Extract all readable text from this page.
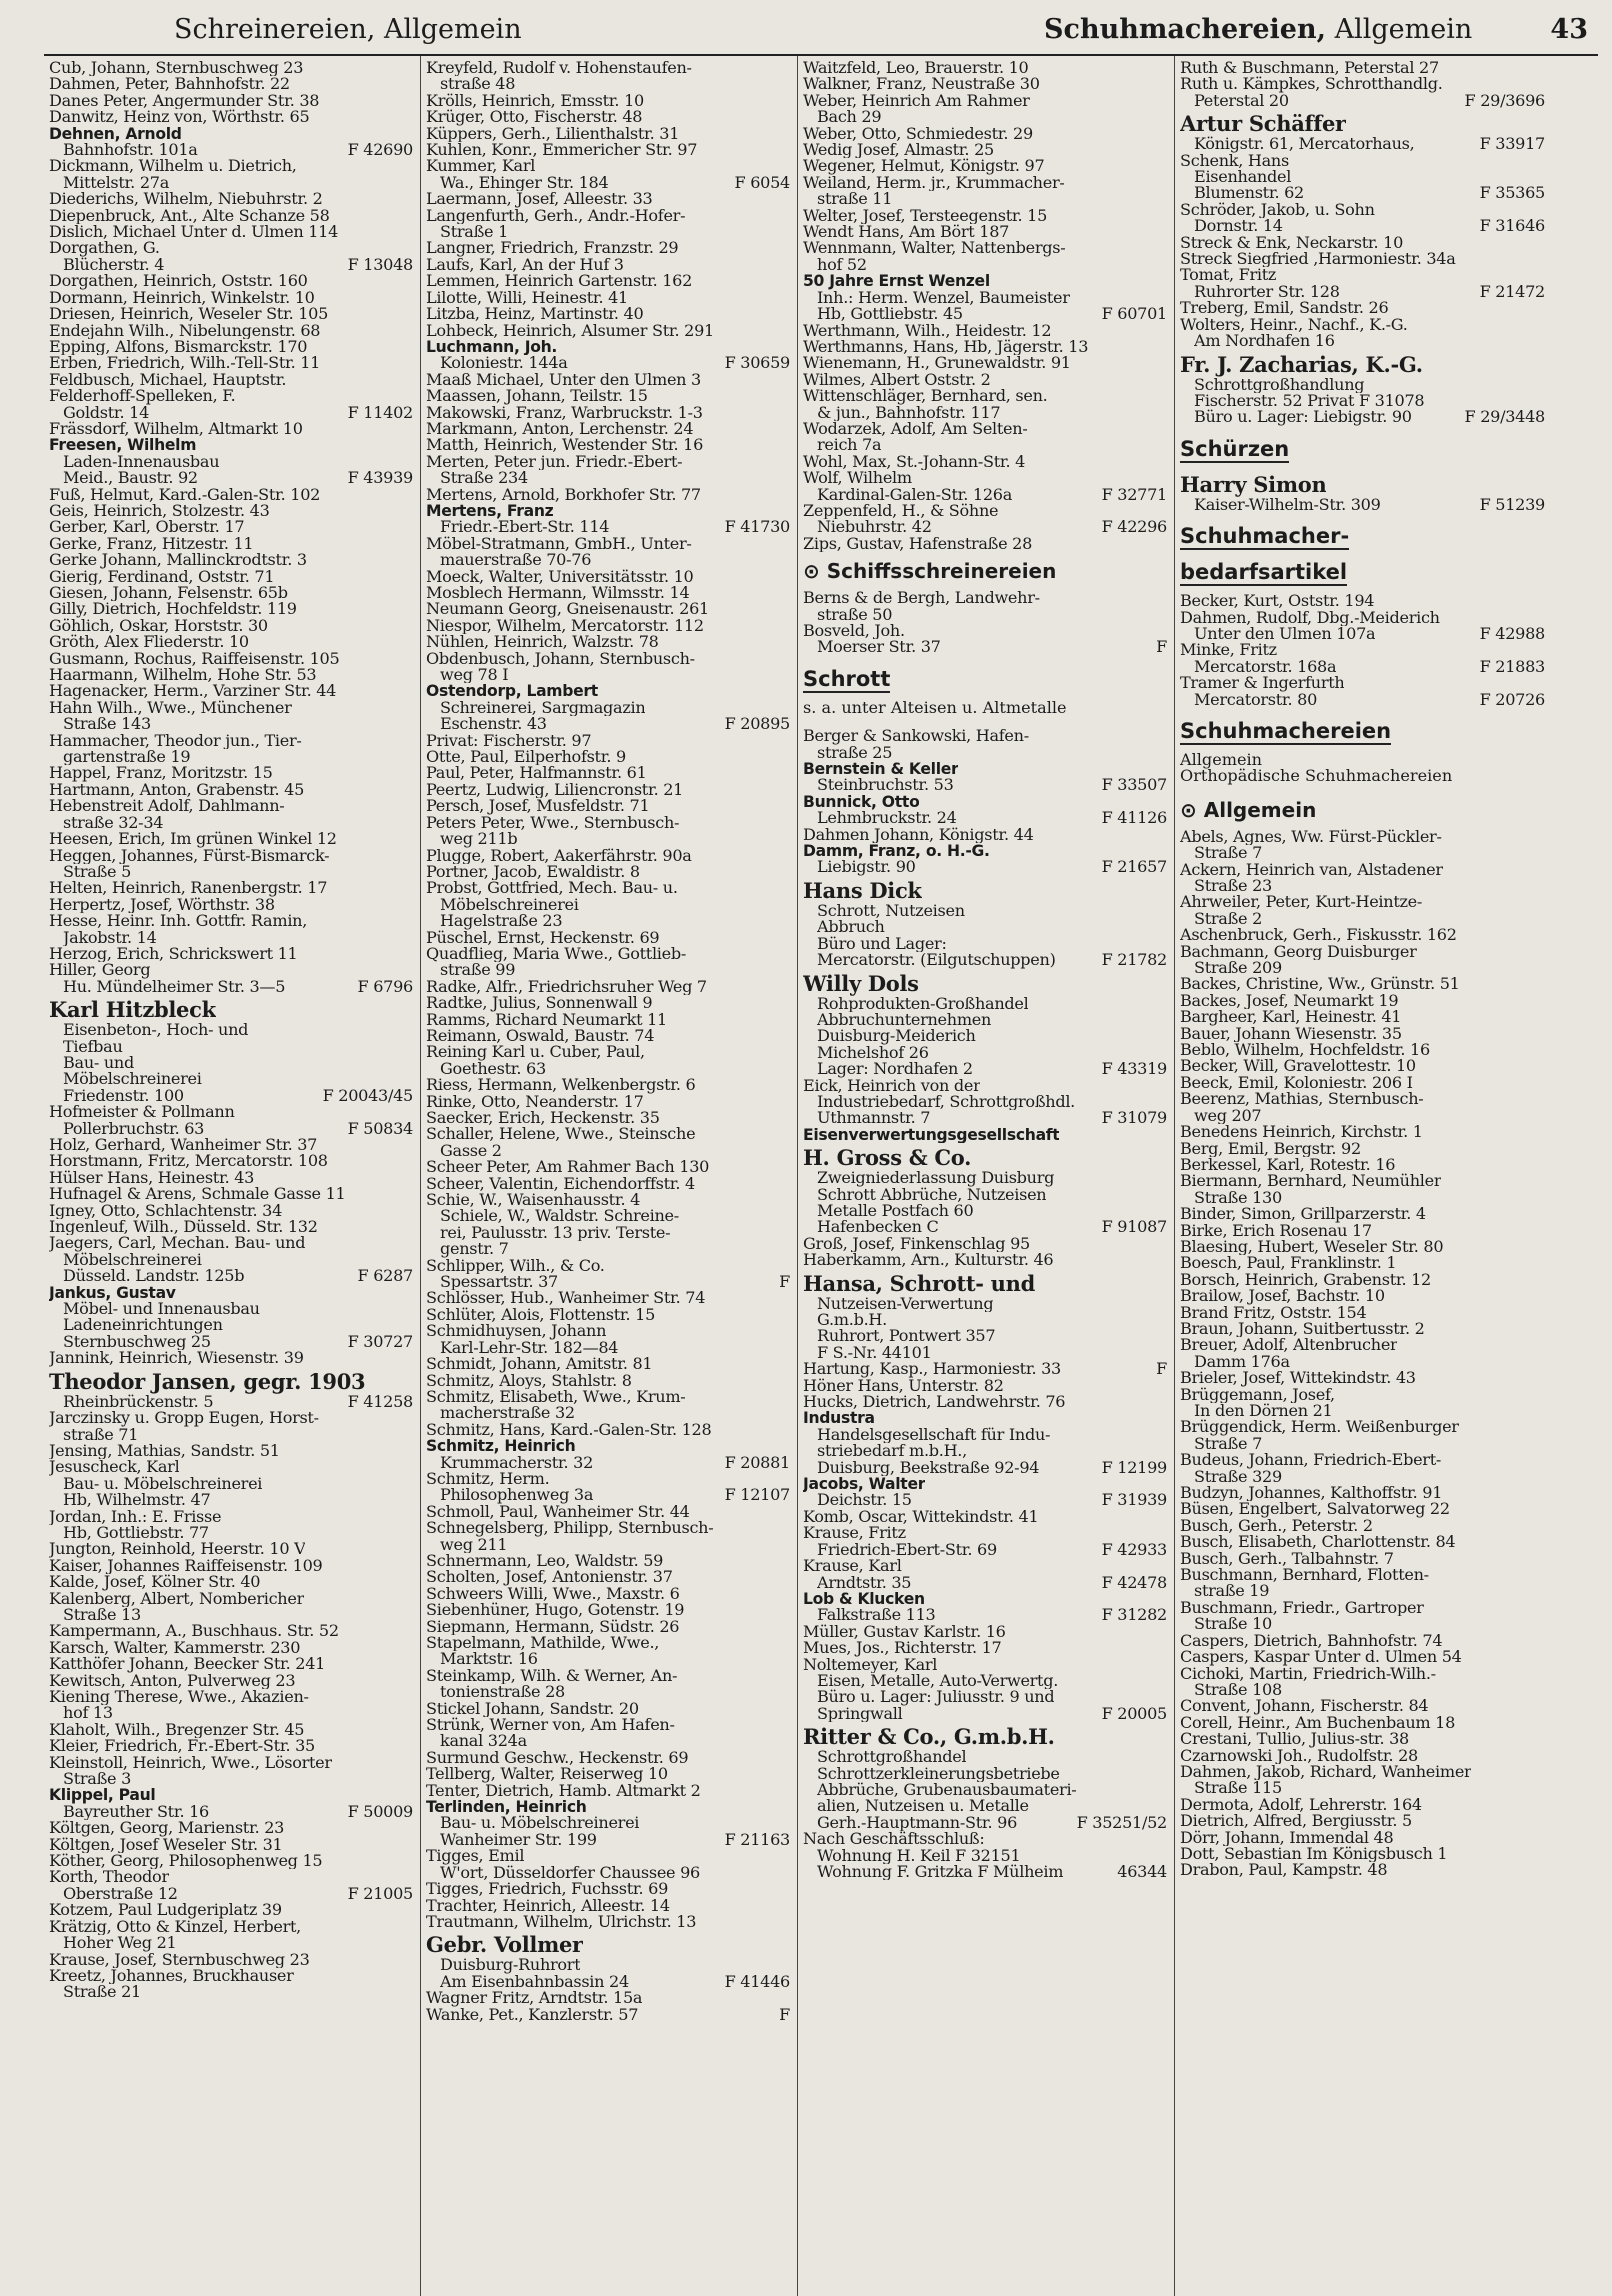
Schreinereien, Allgemein	Schuhmachereien, Allgemein	43
Cub, Johann, Sternbuschweg 23
Dahmen, Peter, Bahnhofstr. 22
Danes Peter, Angermunder Str. 38
Danwitz, Heinz von, Wörthstr. 65
Dehnen, Arnold
Bahnhofstr. 101a	F 42690
Dickmann, Wilhelm u. Dietrich,
Mittelstr. 27a
Diederichs, Wilhelm, Niebuhrstr. 2
Diepenbruck, Ant., Alte Schanze 58
Dislich, Michael Unter d. Ulmen 114
Dorgathen, G.
Blücherstr. 4	F 13048
Dorgathen, Heinrich, Oststr. 160
Dormann, Heinrich, Winkelstr. 10
Driesen, Heinrich, Weseler Str. 105
Endejahn Wilh., Nibelungenstr. 68
Epping, Alfons, Bismarckstr. 170
Erben, Friedrich, Wilh.-Tell-Str. 11
Feldbusch, Michael, Hauptstr.
Felderhoff-Spelleken, F.
Goldstr. 14	F 11402
Frässdorf, Wilhelm, Altmarkt 10
Freesen, Wilhelm
Laden-Innenausbau
Meid., Baustr. 92	F 43939
Fuß, Helmut, Kard.-Galen-Str. 102
Geis, Heinrich, Stolzestr. 43
Gerber, Karl, Oberstr. 17
Gerke, Franz, Hitzestr. 11
Gerke Johann, Mallinckrodtstr. 3
Gierig, Ferdinand, Oststr. 71
Giesen, Johann, Felsenstr. 65b
Gilly, Dietrich, Hochfeldstr. 119
Göhlich, Oskar, Horststr. 30
Gröth, Alex Fliederstr. 10
Gusmann, Rochus, Raiffeisenstr. 105
Haarmann, Wilhelm, Hohe Str. 53
Hagenacker, Herm., Varziner Str. 44
Hahn Wilh., Wwe., Münchener
Straße 143
Hammacher, Theodor jun., Tier-
gartenstraße 19
Happel, Franz, Moritzstr. 15
Hartmann, Anton, Grabenstr. 45
Hebenstreit Adolf, Dahlmann-
straße 32-34
Heesen, Erich, Im grünen Winkel 12
Heggen, Johannes, Fürst-Bismarck-
Straße 5
Helten, Heinrich, Ranenbergstr. 17
Herpertz, Josef, Wörthstr. 38
Hesse, Heinr. Inh. Gottfr. Ramin,
Jakobstr. 14
Herzog, Erich, Schrickswert 11
Hiller, Georg
Hu. Mündelheimer Str. 3—5	F 6796
Karl Hitzbleck
Eisenbeton-, Hoch- und
Tiefbau
Bau- und
Möbelschreinerei
Friedenstr. 100	F 20043/45
Hofmeister & Pollmann
Pollerbruchstr. 63	F 50834
Holz, Gerhard, Wanheimer Str. 37
Horstmann, Fritz, Mercatorstr. 108
Hülser Hans, Heinestr. 43
Hufnagel & Arens, Schmale Gasse 11
Igney, Otto, Schlachtenstr. 34
Ingenleuf, Wilh., Düsseld. Str. 132
Jaegers, Carl, Mechan. Bau- und
Möbelschreinerei
Düsseld. Landstr. 125b	F 6287
Jankus, Gustav
Möbel- und Innenausbau
Ladeneinrichtungen
Sternbuschweg 25	F 30727
Jannink, Heinrich, Wiesenstr. 39
Theodor Jansen, gegr. 1903
Rheinbrückenstr. 5	F 41258
Jarczinsky u. Gropp Eugen, Horst-
straße 71
Jensing, Mathias, Sandstr. 51
Jesuscheck, Karl
Bau- u. Möbelschreinerei
Hb, Wilhelmstr. 47
Jordan, Inh.: E. Frisse
Hb, Gottliebstr. 77
Jungton, Reinhold, Heerstr. 10 V
Kaiser, Johannes Raiffeisenstr. 109
Kalde, Josef, Kölner Str. 40
Kalenberg, Albert, Nombericher
Straße 13
Kampermann, A., Buschhaus. Str. 52
Karsch, Walter, Kammerstr. 230
Katthöfer Johann, Beecker Str. 241
Kewitsch, Anton, Pulverweg 23
Kiening Therese, Wwe., Akazien-
hof 13
Klaholt, Wilh., Bregenzer Str. 45
Kleier, Friedrich, Fr.-Ebert-Str. 35
Kleinstoll, Heinrich, Wwe., Lösorter
Straße 3
Klippel, Paul
Bayreuther Str. 16	F 50009
Költgen, Georg, Marienstr. 23
Költgen, Josef Weseler Str. 31
Köther, Georg, Philosophenweg 15
Korth, Theodor
Oberstraße 12	F 21005
Kotzem, Paul Ludgeriplatz 39
Krätzig, Otto & Kinzel, Herbert,
Hoher Weg 21
Krause, Josef, Sternbuschweg 23
Kreetz, Johannes, Bruckhauser
Straße 21
Kreyfeld, Rudolf v. Hohenstaufen-
straße 48
Krölls, Heinrich, Emsstr. 10
Krüger, Otto, Fischerstr. 48
Küppers, Gerh., Lilienthalstr. 31
Kuhlen, Konr., Emmericher Str. 97
Kummer, Karl
Wa., Ehinger Str. 184	F 6054
Laermann, Josef, Alleestr. 33
Langenfurth, Gerh., Andr.-Hofer-
Straße 1
Langner, Friedrich, Franzstr. 29
Laufs, Karl, An der Huf 3
Lemmen, Heinrich Gartenstr. 162
Lilotte, Willi, Heinestr. 41
Litzba, Heinz, Martinstr. 40
Lohbeck, Heinrich, Alsumer Str. 291
Luchmann, Joh.
Koloniestr. 144a	F 30659
Maaß Michael, Unter den Ulmen 3
Maassen, Johann, Teilstr. 15
Makowski, Franz, Warbruckstr. 1-3
Markmann, Anton, Lerchenstr. 24
Matth, Heinrich, Westender Str. 16
Merten, Peter jun. Friedr.-Ebert-
Straße 234
Mertens, Arnold, Borkhofer Str. 77
Mertens, Franz
Friedr.-Ebert-Str. 114	F 41730
Möbel-Stratmann, GmbH., Unter-
mauerstraße 70-76
Moeck, Walter, Universitätsstr. 10
Mosblech Hermann, Wilmsstr. 14
Neumann Georg, Gneisenaustr. 261
Niespor, Wilhelm, Mercatorstr. 112
Nühlen, Heinrich, Walzstr. 78
Obdenbusch, Johann, Sternbusch-
weg 78 I
Ostendorp, Lambert
Schreinerei, Sargmagazin
Eschenstr. 43	F 20895
Privat: Fischerstr. 97
Otte, Paul, Eilperhofstr. 9
Paul, Peter, Halfmannstr. 61
Peertz, Ludwig, Liliencronstr. 21
Persch, Josef, Musfeldstr. 71
Peters Peter, Wwe., Sternbusch-
weg 211b
Plugge, Robert, Aakerfährstr. 90a
Portner, Jacob, Ewaldistr. 8
Probst, Gottfried, Mech. Bau- u.
Möbelschreinerei
Hagelstraße 23
Püschel, Ernst, Heckenstr. 69
Quadflieg, Maria Wwe., Gottlieb-
straße 99
Radke, Alfr., Friedrichsruher Weg 7
Radtke, Julius, Sonnenwall 9
Ramms, Richard Neumarkt 11
Reimann, Oswald, Baustr. 74
Reining Karl u. Cuber, Paul,
Goethestr. 63
Riess, Hermann, Welkenbergstr. 6
Rinke, Otto, Neanderstr. 17
Saecker, Erich, Heckenstr. 35
Schaller, Helene, Wwe., Steinsche
Gasse 2
Scheer Peter, Am Rahmer Bach 130
Scheer, Valentin, Eichendorffstr. 4
Schie, W., Waisenhausstr. 4
Schiele, W., Waldstr. Schreine-
rei, Paulusstr. 13 priv. Terste-
genstr. 7
Schlipper, Wilh., & Co.
Spessartstr. 37	F
Schlösser, Hub., Wanheimer Str. 74
Schlüter, Alois, Flottenstr. 15
Schmidhuysen, Johann
Karl-Lehr-Str. 182—84
Schmidt, Johann, Amitstr. 81
Schmitz, Aloys, Stahlstr. 8
Schmitz, Elisabeth, Wwe., Krum-
macherstraße 32
Schmitz, Hans, Kard.-Galen-Str. 128
Schmitz, Heinrich
Krummacherstr. 32	F 20881
Schmitz, Herm.
Philosophenweg 3a	F 12107
Schmoll, Paul, Wanheimer Str. 44
Schnegelsberg, Philipp, Sternbusch-
weg 211
Schnermann, Leo, Waldstr. 59
Scholten, Josef, Antonienstr. 37
Schweers Willi, Wwe., Maxstr. 6
Siebenhüner, Hugo, Gotenstr. 19
Siepmann, Hermann, Südstr. 26
Stapelmann, Mathilde, Wwe.,
Marktstr. 16
Steinkamp, Wilh. & Werner, An-
tonienstraße 28
Stickel Johann, Sandstr. 20
Strünk, Werner von, Am Hafen-
kanal 324a
Surmund Geschw., Heckenstr. 69
Tellberg, Walter, Reiserweg 10
Tenter, Dietrich, Hamb. Altmarkt 2
Terlinden, Heinrich
Bau- u. Möbelschreinerei
Wanheimer Str. 199	F 21163
Tigges, Emil
W'ort, Düsseldorfer Chaussee 96
Tigges, Friedrich, Fuchsstr. 69
Trachter, Heinrich, Alleestr. 14
Trautmann, Wilhelm, Ulrichstr. 13
Gebr. Vollmer
Duisburg-Ruhrort
Am Eisenbahnbassin 24	F 41446
Wagner Fritz, Arndtstr. 15a
Wanke, Pet., Kanzlerstr. 57	F
Waitzfeld, Leo, Brauerstr. 10
Walkner, Franz, Neustraße 30
Weber, Heinrich Am Rahmer
Bach 29
Weber, Otto, Schmiedestr. 29
Wedig Josef, Almastr. 25
Wegener, Helmut, Königstr. 97
Weiland, Herm. jr., Krummacher-
straße 11
Welter, Josef, Tersteegenstr. 15
Wendt Hans, Am Bört 187
Wennmann, Walter, Nattenbergs-
hof 52
50 Jahre Ernst Wenzel
Inh.: Herm. Wenzel, Baumeister
Hb, Gottliebstr. 45	F 60701
Werthmann, Wilh., Heidestr. 12
Werthmanns, Hans, Hb, Jägerstr. 13
Wienemann, H., Grunewaldstr. 91
Wilmes, Albert Oststr. 2
Wittenschläger, Bernhard, sen.
& jun., Bahnhofstr. 117
Wodarzek, Adolf, Am Selten-
reich 7a
Wohl, Max, St.-Johann-Str. 4
Wolf, Wilhelm
Kardinal-Galen-Str. 126a	F 32771
Zeppenfeld, H., & Söhne
Niebuhrstr. 42	F 42296
Zips, Gustav, Hafenstraße 28
⊙ Schiffsschreinereien
Berns & de Bergh, Landwehr-
straße 50
Bosveld, Joh.
Moerser Str. 37	F
Schrott
s. a. unter Alteisen u. Altmetalle
Berger & Sankowski, Hafen-
straße 25
Bernstein & Keller
Steinbruchstr. 53	F 33507
Bunnick, Otto
Lehmbruckstr. 24	F 41126
Dahmen Johann, Königstr. 44
Damm, Franz, o. H.-G.
Liebigstr. 90	F 21657
Hans Dick
Schrott, Nutzeisen
Abbruch
Büro und Lager:
Mercatorstr. (Eilgutschuppen)	F 21782
Willy Dols
Rohprodukten-Großhandel
Abbruchunternehmen
Duisburg-Meiderich
Michelshof 26
Lager: Nordhafen 2	F 43319
Eick, Heinrich von der
Industriebedarf, Schrottgroßhdl.
Uthmannstr. 7	F 31079
Eisenverwertungsgesellschaft
H. Gross & Co.
Zweigniederlassung Duisburg
Schrott Abbrüche, Nutzeisen
Metalle Postfach 60
Hafenbecken C	F 91087
Groß, Josef, Finkenschlag 95
Haberkamm, Arn., Kulturstr. 46
Hansa, Schrott- und
Nutzeisen-Verwertung
G.m.b.H.
Ruhrort, Pontwert 357
F S.-Nr. 44101
Hartung, Kasp., Harmoniestr. 33	F
Höner Hans, Unterstr. 82
Hucks, Dietrich, Landwehrstr. 76
Industra
Handelsgesellschaft für Indu-
striebedarf m.b.H.,
Duisburg, Beekstraße 92-94	F 12199
Jacobs, Walter
Deichstr. 15	F 31939
Komb, Oscar, Wittekindstr. 41
Krause, Fritz
Friedrich-Ebert-Str. 69	F 42933
Krause, Karl
Arndtstr. 35	F 42478
Lob & Klucken
Falkstraße 113	F 31282
Müller, Gustav Karlstr. 16
Mues, Jos., Richterstr. 17
Noltemeyer, Karl
Eisen, Metalle, Auto-Verwertg.
Büro u. Lager: Juliusstr. 9 und
Springwall	F 20005
Ritter & Co., G.m.b.H.
Schrottgroßhandel
Schrottzerkleinerungsbetriebe
Abbrüche, Grubenausbaumateri-
alien, Nutzeisen u. Metalle
Gerh.-Hauptmann-Str. 96	F 35251/52
Nach Geschäftsschluß:
Wohnung H. Keil F 32151
Wohnung F. Gritzka F Mülheim	46344
Ruth & Buschmann, Peterstal 27
Ruth u. Kämpkes, Schrotthandlg.
Peterstal 20	F 29/3696
Artur Schäffer
Königstr. 61, Mercatorhaus,	F 33917
Schenk, Hans
Eisenhandel
Blumenstr. 62	F 35365
Schröder, Jakob, u. Sohn
Dornstr. 14	F 31646
Streck & Enk, Neckarstr. 10
Streck Siegfried ,Harmoniestr. 34a
Tomat, Fritz
Ruhrorter Str. 128	F 21472
Treberg, Emil, Sandstr. 26
Wolters, Heinr., Nachf., K.-G.
Am Nordhafen 16
Fr. J. Zacharias, K.-G.
Schrottgroßhandlung
Fischerstr. 52 Privat F 31078
Büro u. Lager: Liebigstr. 90	F 29/3448
Schürzen
Harry Simon
Kaiser-Wilhelm-Str. 309	F 51239
Schuhmacher-
bedarfsartikel
Becker, Kurt, Oststr. 194
Dahmen, Rudolf, Dbg.-Meiderich
Unter den Ulmen 107a	F 42988
Minke, Fritz
Mercatorstr. 168a	F 21883
Tramer & Ingerfurth
Mercatorstr. 80	F 20726
Schuhmachereien
Allgemein
Orthopädische Schuhmachereien
⊙ Allgemein
Abels, Agnes, Ww. Fürst-Pückler-
Straße 7
Ackern, Heinrich van, Alstadener
Straße 23
Ahrweiler, Peter, Kurt-Heintze-
Straße 2
Aschenbruck, Gerh., Fiskusstr. 162
Bachmann, Georg Duisburger
Straße 209
Backes, Christine, Ww., Grünstr. 51
Backes, Josef, Neumarkt 19
Bargheer, Karl, Heinestr. 41
Bauer, Johann Wiesenstr. 35
Beblo, Wilhelm, Hochfeldstr. 16
Becker, Will, Gravelottestr. 10
Beeck, Emil, Koloniestr. 206 I
Beerenz, Mathias, Sternbusch-
weg 207
Benedens Heinrich, Kirchstr. 1
Berg, Emil, Bergstr. 92
Berkessel, Karl, Rotestr. 16
Biermann, Bernhard, Neumühler
Straße 130
Binder, Simon, Grillparzerstr. 4
Birke, Erich Rosenau 17
Blaesing, Hubert, Weseler Str. 80
Boesch, Paul, Franklinstr. 1
Borsch, Heinrich, Grabenstr. 12
Brailow, Josef, Bachstr. 10
Brand Fritz, Oststr. 154
Braun, Johann, Suitbertusstr. 2
Breuer, Adolf, Altenbrucher
Damm 176a
Brieler, Josef, Wittekindstr. 43
Brüggemann, Josef,
In den Dörnen 21
Brüggendick, Herm. Weißenburger
Straße 7
Budeus, Johann, Friedrich-Ebert-
Straße 329
Budzyn, Johannes, Kalthoffstr. 91
Büsen, Engelbert, Salvatorweg 22
Busch, Gerh., Peterstr. 2
Busch, Elisabeth, Charlottenstr. 84
Busch, Gerh., Talbahnstr. 7
Buschmann, Bernhard, Flotten-
straße 19
Buschmann, Friedr., Gartroper
Straße 10
Caspers, Dietrich, Bahnhofstr. 74
Caspers, Kaspar Unter d. Ulmen 54
Cichoki, Martin, Friedrich-Wilh.-
Straße 108
Convent, Johann, Fischerstr. 84
Corell, Heinr., Am Buchenbaum 18
Crestani, Tullio, Julius-str. 38
Czarnowski Joh., Rudolfstr. 28
Dahmen, Jakob, Richard, Wanheimer
Straße 115
Dermota, Adolf, Lehrerstr. 164
Dietrich, Alfred, Bergiusstr. 5
Dörr, Johann, Immendal 48
Dott, Sebastian Im Königsbusch 1
Drabon, Paul, Kampstr. 48
